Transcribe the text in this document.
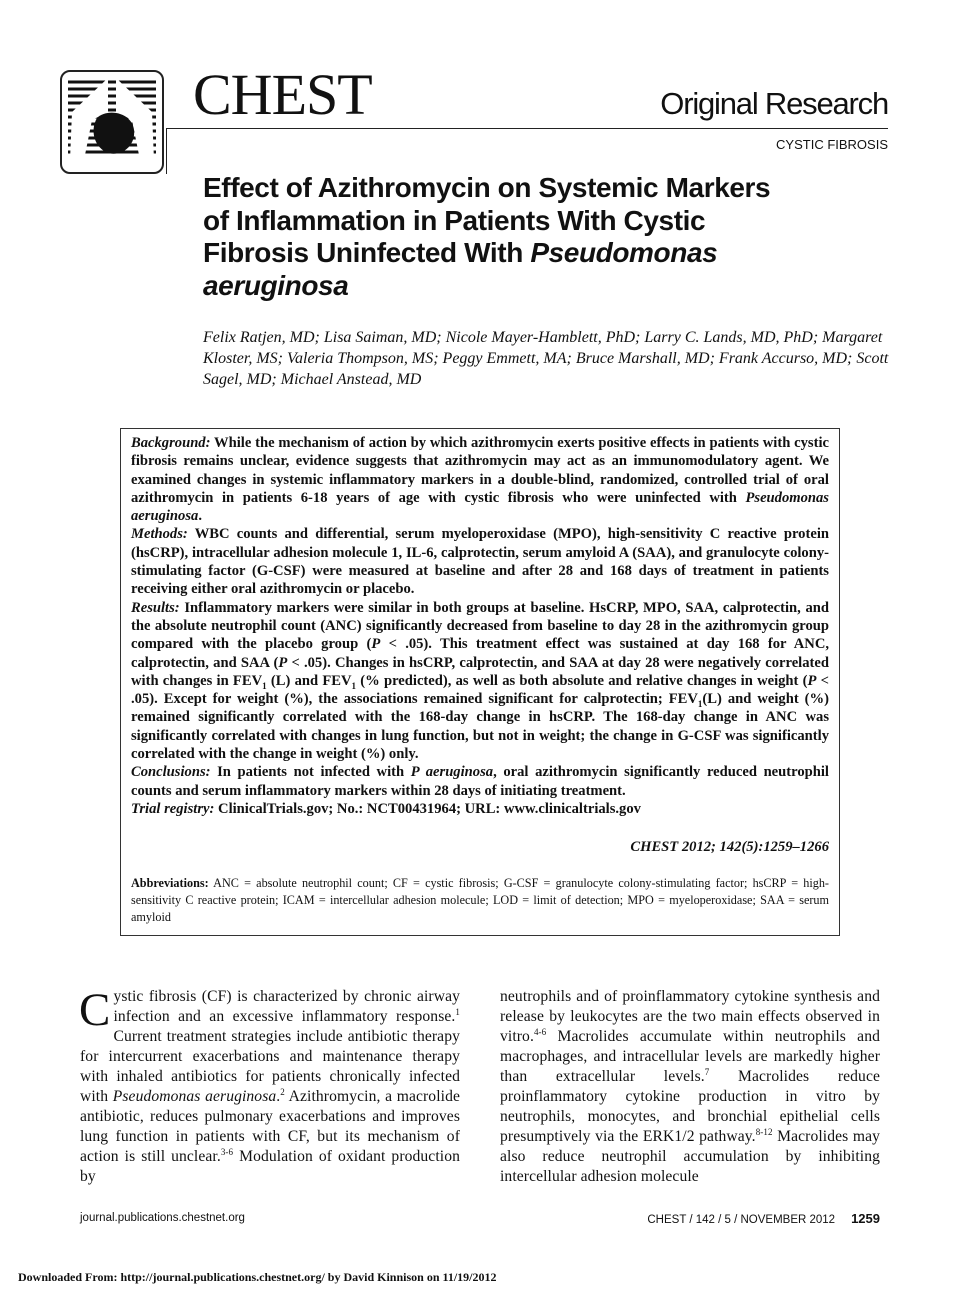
CHEST	Original Research
CYSTIC FIBROSIS
Effect of Azithromycin on Systemic Markers of Inflammation in Patients With Cystic Fibrosis Uninfected With Pseudomonas aeruginosa
Felix Ratjen, MD; Lisa Saiman, MD; Nicole Mayer-Hamblett, PhD; Larry C. Lands, MD, PhD; Margaret Kloster, MS; Valeria Thompson, MS; Peggy Emmett, MA; Bruce Marshall, MD; Frank Accurso, MD; Scott Sagel, MD; Michael Anstead, MD

Background: While the mechanism of action by which azithromycin exerts positive effects in patients with cystic fibrosis remains unclear, evidence suggests that azithromycin may act as an immunomodulatory agent. We examined changes in systemic inflammatory markers in a double-blind, randomized, controlled trial of oral azithromycin in patients 6-18 years of age with cystic fibrosis who were uninfected with Pseudomonas aeruginosa.

Methods: WBC counts and differential, serum myeloperoxidase (MPO), high-sensitivity C reactive protein (hsCRP), intracellular adhesion molecule 1, IL-6, calprotectin, serum amyloid A (SAA), and granulocyte colony-stimulating factor (G-CSF) were measured at baseline and after 28 and 168 days of treatment in patients receiving either oral azithromycin or placebo.

Results: Inflammatory markers were similar in both groups at baseline. HsCRP, MPO, SAA, calprotectin, and the absolute neutrophil count (ANC) significantly decreased from baseline to day 28 in the azithromycin group compared with the placebo group (P < .05). This treatment effect was sustained at day 168 for ANC, calprotectin, and SAA (P < .05). Changes in hsCRP, calprotectin, and SAA at day 28 were negatively correlated with changes in $FEV_1$ (L) and $FEV_1$ (% predicted), as well as both absolute and relative changes in weight (P < .05). Except for weight (%), the associations remained significant for calprotectin; $FEV_1(L)$ and weight (%) remained significantly correlated with the 168-day change in hsCRP. The 168-day change in ANC was significantly correlated with changes in lung function, but not in weight; the change in G-CSF was significantly correlated with the change in weight (%) only.

Conclusions: In patients not infected with P aeruginosa, oral azithromycin significantly reduced neutrophil counts and serum inflammatory markers within 28 days of initiating treatment.

Trial registry: ClinicalTrials.gov; No.: NCT00431964; URL: www.clinicaltrials.gov

CHEST 2012; 142(5):1259–1266
Abbreviations: ANC = absolute neutrophil count; CF = cystic fibrosis; G-CSF = granulocyte colony-stimulating factor; hsCRP = high-sensitivity C reactive protein; ICAM = intercellular adhesion molecule; LOD = limit of detection; MPO = myeloperoxidase; SAA = serum amyloid
Cystic fibrosis (CF) is characterized by chronic airway infection and an excessive inflammatory response.$^1$ Current treatment strategies include antibiotic therapy for intercurrent exacerbations and maintenance therapy with inhaled antibiotics for patients chronically infected with Pseudomonas aeruginosa.$^2$ Azithromycin, a macrolide antibiotic, reduces pulmonary exacerbations and improves lung function in patients with CF, but its mechanism of action is still unclear.$^{3-6}$ Modulation of oxidant production by
neutrophils and of proinflammatory cytokine synthesis and release by leukocytes are the two main effects observed in vitro.$^{4-6}$ Macrolides accumulate within neutrophils and macrophages, and intracellular levels are markedly higher than extracellular levels.$^7$ Macrolides reduce proinflammatory cytokine production in vitro by neutrophils, monocytes, and bronchial epithelial cells presumptively via the ERK1/2 pathway.$^{8-12}$ Macrolides may also reduce neutrophil accumulation by inhibiting intercellular adhesion molecule
journal.publications.chestnet.org	CHEST / 142 / 5 / NOVEMBER 2012 1259
Downloaded From: http://journal.publications.chestnet.org/ by David Kinnison on 11/19/2012
